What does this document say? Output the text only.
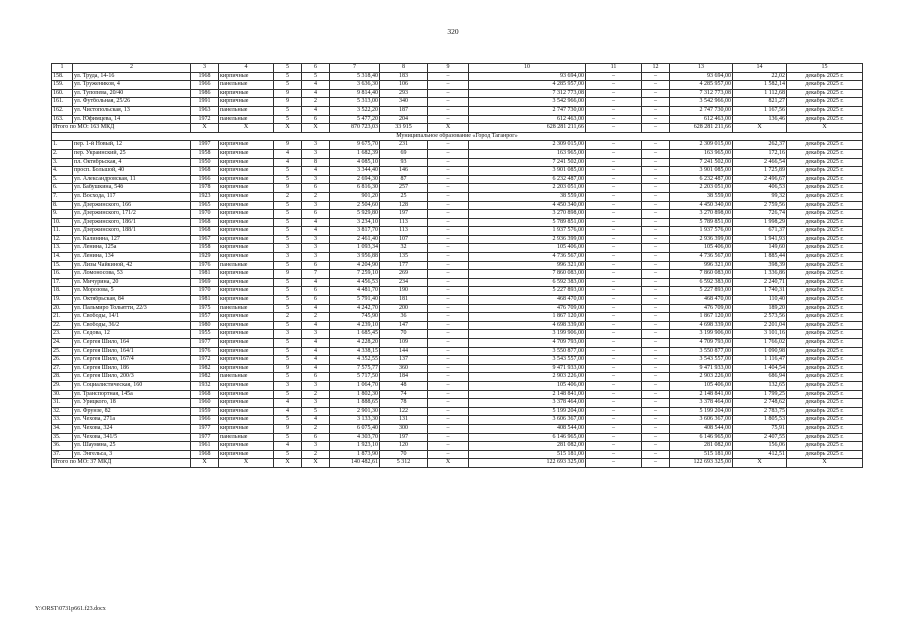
320
1	2	3	4	5	6	7	8	9	10	11	12	13	14	15
158.	ул. Труда, 14-16	1968	кирпичные	5	5	5 318,40	183	–	93 694,00	–	–	93 694,00	22,02	декабрь 2025 г.
159.	ул. Труженикoв, 4	1966	панельные	5	4	3 636,30	106	–	4 285 957,00	–	–	4 285 957,00	1 582,14	декабрь 2025 г.
160.	ул. Тупопева, 20/40	1986	кирпичные	9	4	9 814,40	293	–	7 312 773,08	–	–	7 312 773,08	1 112,68	декабрь 2025 г.
161.	ул. Футбольная, 25/26	1991	кирпичные	9	2	5 313,00	340	–	3 542 966,00	–	–	3 542 966,00	821,27	декабрь 2025 г.
162.	ул. Чистопольская, 13	1963	панельные	5	4	3 522,20	187	–	2 747 730,00	–	–	2 747 730,00	1 167,56	декабрь 2025 г.
163.	ул. Юфимцева, 14	1972	панельные	5	6	5 477,20	204	–	612 463,00	–	–	612 463,00	136,46	декабрь 2025 г.
Итого по МО: 163 МКД		X	X	X	X	870 723,03	33 915	X	628 281 211,66	–	–	628 281 211,66	X	X
Муниципальное образование «Город Таганрог»														
1.	пер. 1-й Новый, 12	1997	кирпичные	9	3	9 675,70	231	–	2 309 015,00	–	–	2 309 015,00	262,37	декабрь 2025 г.
2.	пер. Украинский, 25	1958	кирпичные	4	3	1 682,39	69	–	163 965,00	–	–	163 965,00	172,16	декабрь 2025 г.
3.	пл. Октябрьская, 4	1950	кирпичные	4	8	4 085,10	93	–	7 241 502,00	–	–	7 241 502,00	2 466,54	декабрь 2025 г.
4.	просп. Большой, 40	1968	кирпичные	5	4	3 344,40	146	–	3 901 085,00	–	–	3 901 085,00	1 725,89	декабрь 2025 г.
5.	ул. Александровская, 11	1966	кирпичные	5	3	2 694,30	87	–	6 232 487,00	–	–	6 232 487,00	2 496,67	декабрь 2025 г.
6.	ул. Бабушкина, 54б	1978	кирпичные	9	6	6 816,30	257	–	2 203 051,00	–	–	2 203 051,00	406,53	декабрь 2025 г.
7.	ул. Восхода, 117	1923	кирпичные	2	2	901,20	25	–	38 559,00	–	–	38 559,00	99,32	декабрь 2025 г.
8.	ул. Дзержинского, 166	1965	кирпичные	5	3	2 504,60	128	–	4 450 340,00	–	–	4 450 340,00	2 759,56	декабрь 2025 г.
9.	ул. Дзержинского, 171/2	1970	кирпичные	5	6	5 929,80	197	–	3 270 898,00	–	–	3 270 898,00	726,74	декабрь 2025 г.
10.	ул. Дзержинского, 186/1	1968	кирпичные	5	4	3 234,10	113	–	5 789 851,00	–	–	5 789 851,00	1 998,29	декабрь 2025 г.
11.	ул. Дзержинского, 188/1	1968	кирпичные	5	4	3 817,70	113	–	1 937 576,00	–	–	1 937 576,00	671,37	декабрь 2025 г.
12.	ул. Калинина, 127	1967	кирпичные	5	3	2 461,40	107	–	2 936 399,00	–	–	2 936 399,00	1 941,93	декабрь 2025 г.
13.	ул. Ленина, 125а	1958	кирпичные	3	3	1 093,34	32	–	105 406,00	–	–	105 406,00	149,60	декабрь 2025 г.
14.	ул. Ленина, 134	1929	кирпичные	3	3	3 956,88	135	–	4 736 567,00	–	–	4 736 567,00	1 885,44	декабрь 2025 г.
15.	ул. Лизы Чайкиной, 42	1976	панельные	5	6	4 204,90	177	–	996 321,00	–	–	996 321,00	398,39	декабрь 2025 г.
16.	ул. Ломоносова, 53	1981	кирпичные	9	7	7 259,10	269	–	7 860 083,00	–	–	7 860 083,00	1 336,86	декабрь 2025 г.
17.	ул. Мичурина, 20	1969	кирпичные	5	4	4 456,53	234	–	6 592 383,00	–	–	6 592 383,00	2 240,71	декабрь 2025 г.
18.	ул. Морозова, 5	1970	кирпичные	5	6	4 481,70	190	–	5 227 893,00	–	–	5 227 893,00	1 740,31	декабрь 2025 г.
19.	ул. Октябрьская, 84	1981	кирпичные	5	6	5 791,40	181	–	468 470,00	–	–	468 470,00	110,40	декабрь 2025 г.
20.	ул. Пальмиро Тольятти, 22/3	1975	панельные	5	4	4 242,70	200	–	476 709,00	–	–	476 709,00	189,20	декабрь 2025 г.
21.	ул. Свободы, 14/1	1957	кирпичные	2	2	745,90	36	–	1 867 120,00	–	–	1 867 120,00	2 573,56	декабрь 2025 г.
22.	ул. Свободы, 36/2	1980	кирпичные	5	4	4 239,10	147	–	4 698 339,00	–	–	4 698 339,00	2 201,04	декабрь 2025 г.
23.	ул. Седова, 12	1955	кирпичные	3	3	1 685,45	70	–	3 199 906,00	–	–	3 199 906,00	3 101,16	декабрь 2025 г.
24.	ул. Сергея Шило, 164	1977	кирпичные	5	4	4 228,20	109	–	4 709 793,00	–	–	4 709 793,00	1 766,02	декабрь 2025 г.
25.	ул. Сергея Шило, 164/1	1976	кирпичные	5	4	4 338,15	144	–	3 550 877,00	–	–	3 550 877,00	1 090,98	декабрь 2025 г.
26.	ул. Сергея Шило, 167/4	1972	кирпичные	5	4	4 352,55	137	–	3 543 557,00	–	–	3 543 557,00	1 116,47	декабрь 2025 г.
27.	ул. Сергея Шило, 186	1982	кирпичные	9	4	7 575,77	360	–	9 471 933,00	–	–	9 471 933,00	1 404,54	декабрь 2025 г.
28.	ул. Сергея Шило, 200/3	1982	панельные	5	6	5 717,50	184	–	2 903 226,00	–	–	2 903 226,00	686,94	декабрь 2025 г.
29.	ул. Социалистическая, 160	1932	кирпичные	3	3	1 064,70	48	–	105 406,00	–	–	105 406,00	132,65	декабрь 2025 г.
30.	ул. Транспортная, 145а	1968	кирпичные	5	2	1 802,30	74	–	2 148 841,00	–	–	2 148 841,00	1 799,25	декабрь 2025 г.
31.	ул. Урицкого, 18	1960	кирпичные	4	3	1 888,65	78	–	3 378 464,00	–	–	3 378 464,00	2 748,62	декабрь 2025 г.
32.	ул. Фрунзе, 82	1959	кирпичные	4	5	2 901,30	122	–	5 199 204,00	–	–	5 199 204,00	2 783,75	декабрь 2025 г.
33.	ул. Чехова, 271а	1966	кирпичные	5	4	3 133,30	131	–	3 606 367,00	–	–	3 606 367,00	1 805,53	декабрь 2025 г.
34.	ул. Чехова, 324	1977	кирпичные	9	2	6 075,40	300	–	408 544,00	–	–	408 544,00	75,91	декабрь 2025 г.
35.	ул. Чехова, 341/5	1977	панельные	5	6	4 303,70	197	–	6 146 965,00	–	–	6 146 965,00	2 407,55	декабрь 2025 г.
36.	ул. Шаумяна, 25	1961	кирпичные	4	3	1 923,10	120	–	281 082,00	–	–	281 082,00	156,06	декабрь 2025 г.
37.	ул. Энгельса, 3	1968	кирпичные	5	2	1 873,90	70	–	515 181,00	–	–	515 181,00	412,51	декабрь 2025 г.
Итого по МО: 37 МКД		X	X	X	X	140 482,61	5 312	X	122 693 325,00	–	–	122 693 325,00	X	X
Y:\ORST\0731p661.f23.docx
